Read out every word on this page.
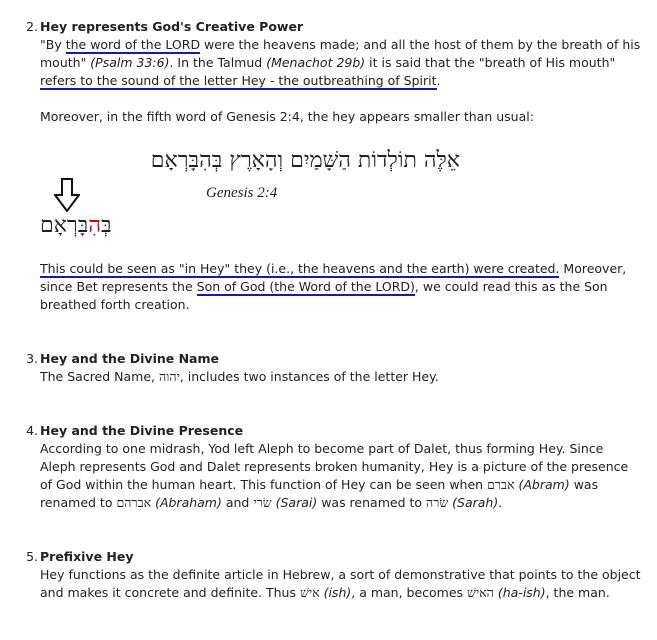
2. Hey represents God's Creative Power
"By the word of the LORD were the heavens made; and all the host of them by the breath of his mouth" (Psalm 33:6). In the Talmud (Menachot 29b) it is said that the "breath of His mouth" refers to the sound of the letter Hey - the outbreathing of Spirit.
Moreover, in the fifth word of Genesis 2:4, the hey appears smaller than usual:
אֵלֶּה תוֹלְדוֹת הַשָּׁמַיִם וְהָאָרֶץ בְּהִבָּרְאָם
Genesis 2:4
בְּהִבָּרְאָם
This could be seen as "in Hey" they (i.e., the heavens and the earth) were created. Moreover, since Bet represents the Son of God (the Word of the LORD), we could read this as the Son breathed forth creation.
3. Hey and the Divine Name
The Sacred Name, יהוה, includes two instances of the letter Hey.
4. Hey and the Divine Presence
According to one midrash, Yod left Aleph to become part of Dalet, thus forming Hey. Since Aleph represents God and Dalet represents broken humanity, Hey is a picture of the presence of God within the human heart. This function of Hey can be seen when אברם (Abram) was renamed to אברהם (Abraham) and שׂרי (Sarai) was renamed to שׂרה (Sarah).
5. Prefixive Hey
Hey functions as the definite article in Hebrew, a sort of demonstrative that points to the object and makes it concrete and definite. Thus אישׁ (ish), a man, becomes האישׁ (ha-ish), the man.
